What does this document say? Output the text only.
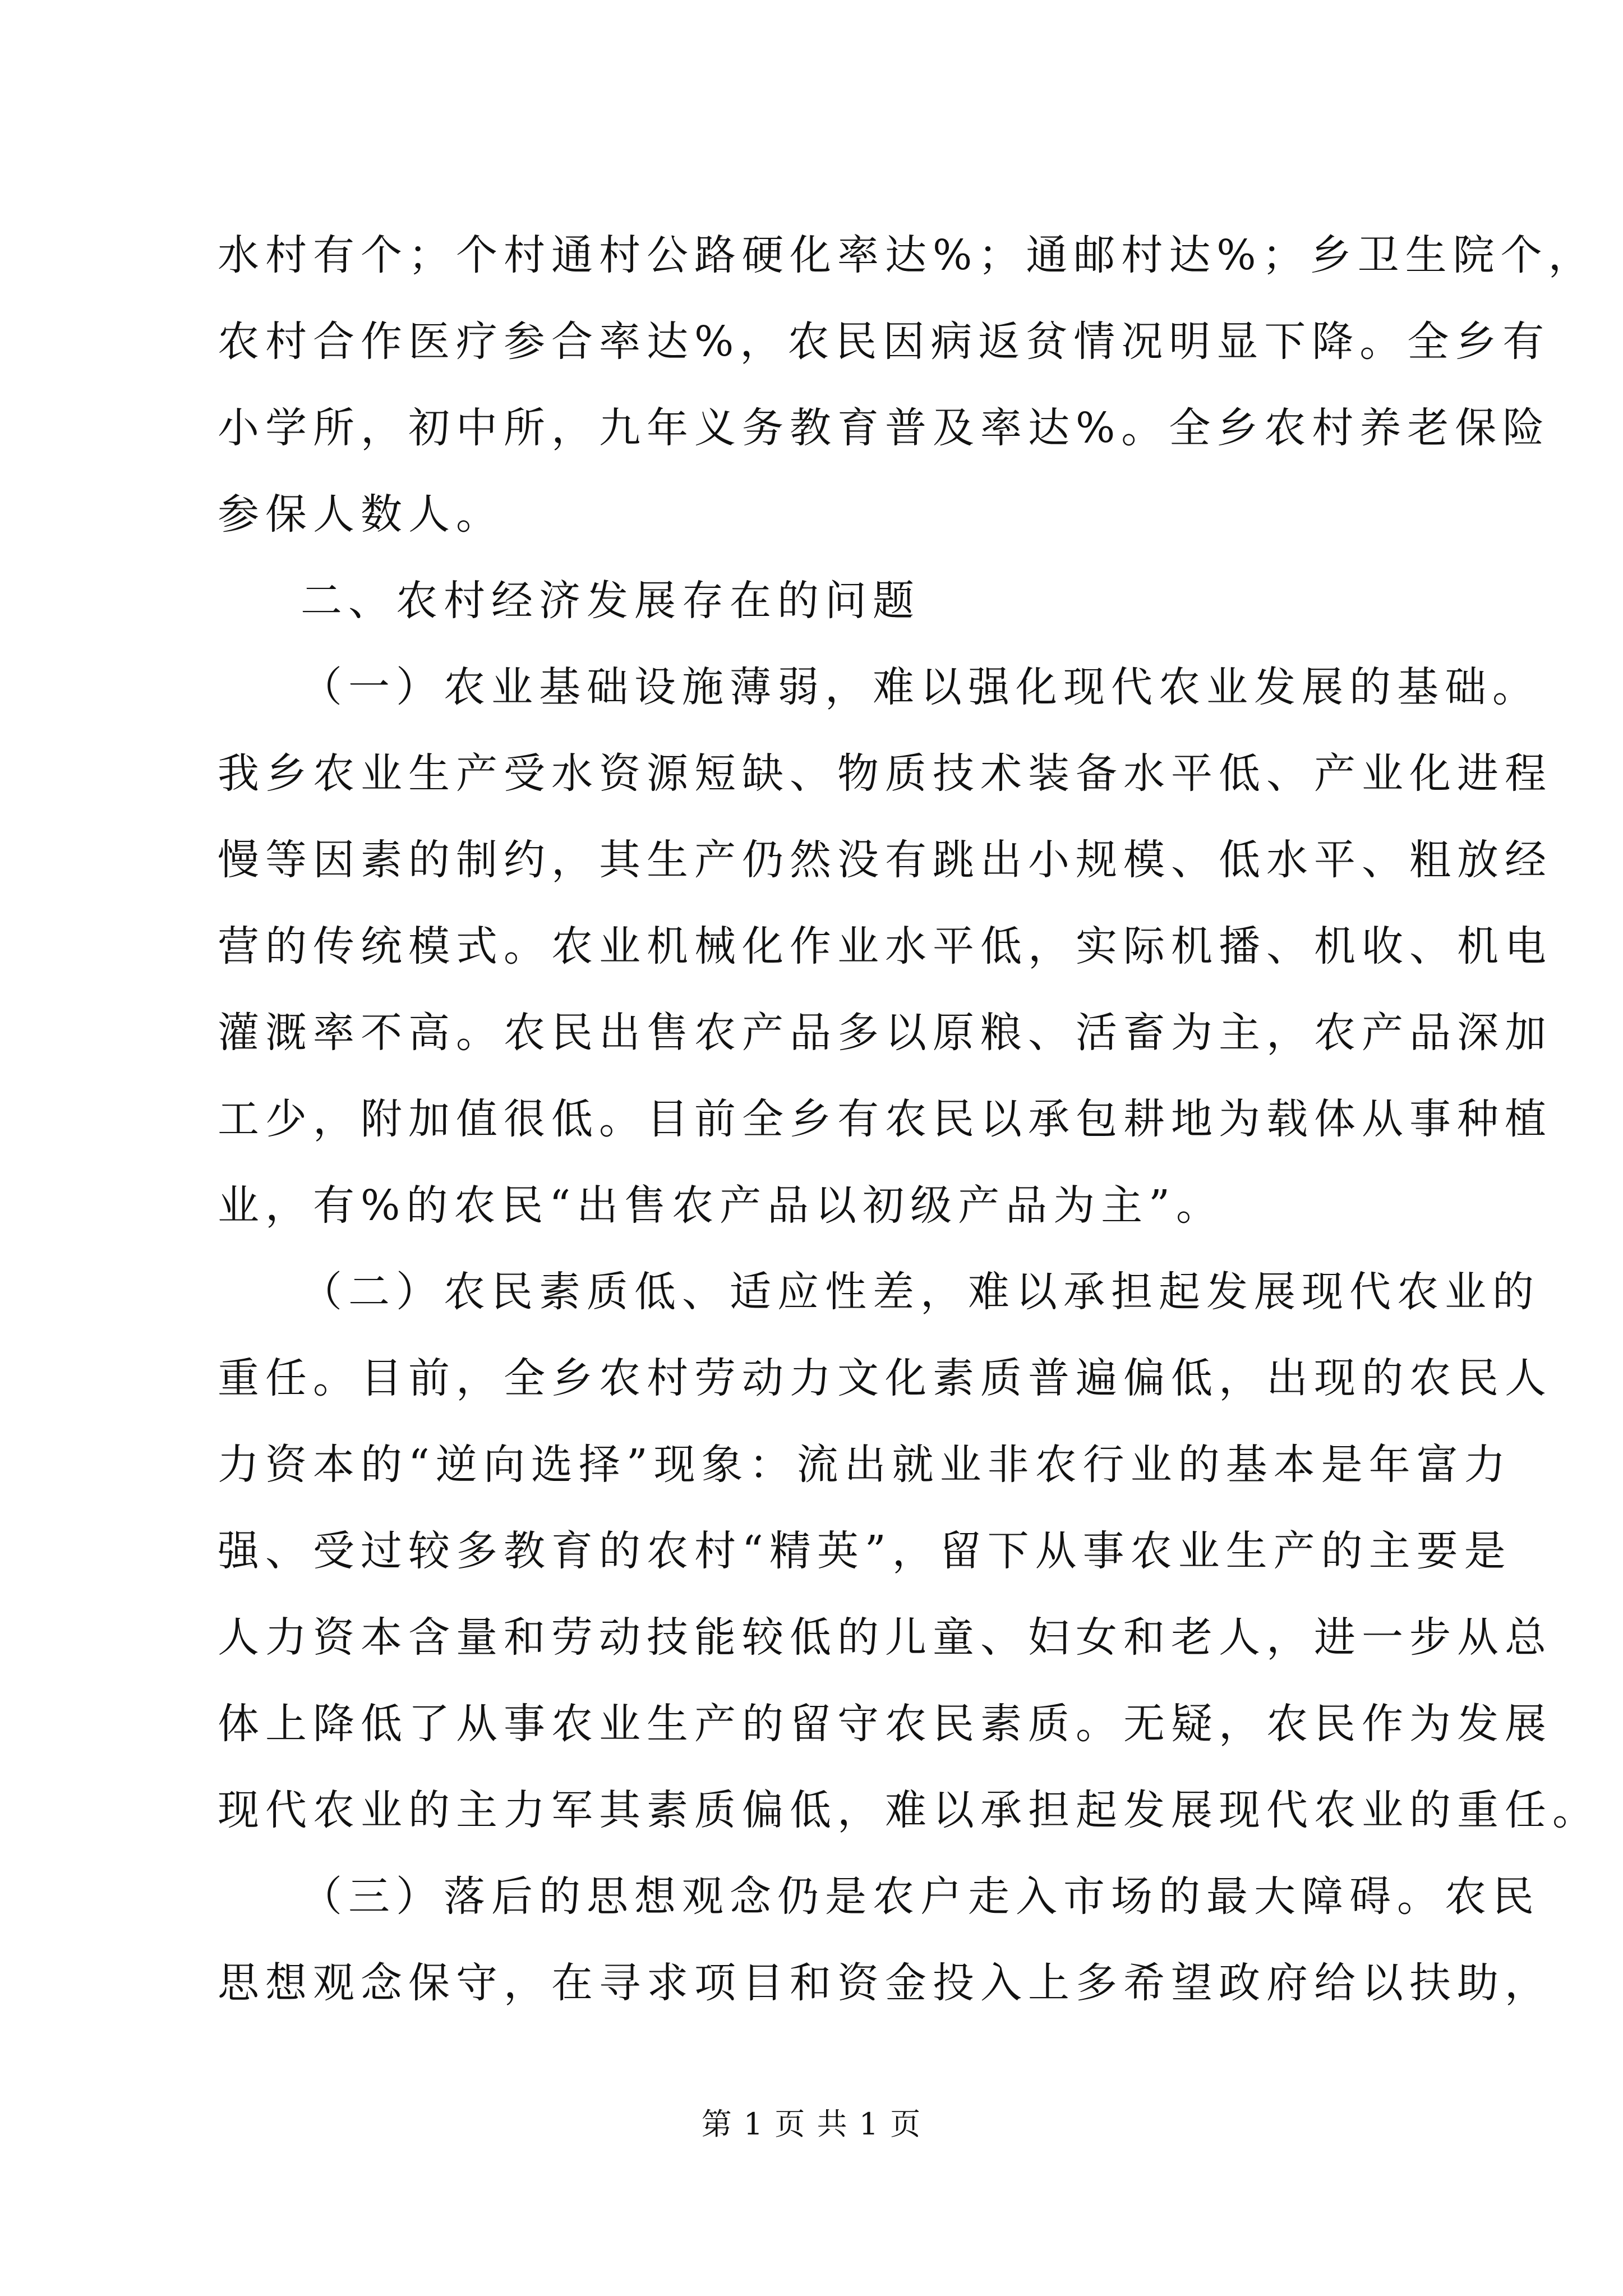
水村有个；个村通村公路硬化率达%；通邮村达%；乡卫生院个，
农村合作医疗参合率达%，农民因病返贫情况明显下降。全乡有
小学所，初中所，九年义务教育普及率达%。全乡农村养老保险
参保人数人。
二、农村经济发展存在的问题
（一）农业基础设施薄弱，难以强化现代农业发展的基础。
我乡农业生产受水资源短缺、物质技术装备水平低、产业化进程
慢等因素的制约，其生产仍然没有跳出小规模、低水平、粗放经
营的传统模式。农业机械化作业水平低，实际机播、机收、机电
灌溉率不高。农民出售农产品多以原粮、活畜为主，农产品深加
工少，附加值很低。目前全乡有农民以承包耕地为载体从事种植
业，有%的农民“出售农产品以初级产品为主”。
（二）农民素质低、适应性差，难以承担起发展现代农业的
重任。目前，全乡农村劳动力文化素质普遍偏低，出现的农民人
力资本的“逆向选择”现象：流出就业非农行业的基本是年富力
强、受过较多教育的农村“精英”，留下从事农业生产的主要是
人力资本含量和劳动技能较低的儿童、妇女和老人，进一步从总
体上降低了从事农业生产的留守农民素质。无疑，农民作为发展
现代农业的主力军其素质偏低，难以承担起发展现代农业的重任。
（三）落后的思想观念仍是农户走入市场的最大障碍。农民
思想观念保守，在寻求项目和资金投入上多希望政府给以扶助，
第 1 页 共 1 页
